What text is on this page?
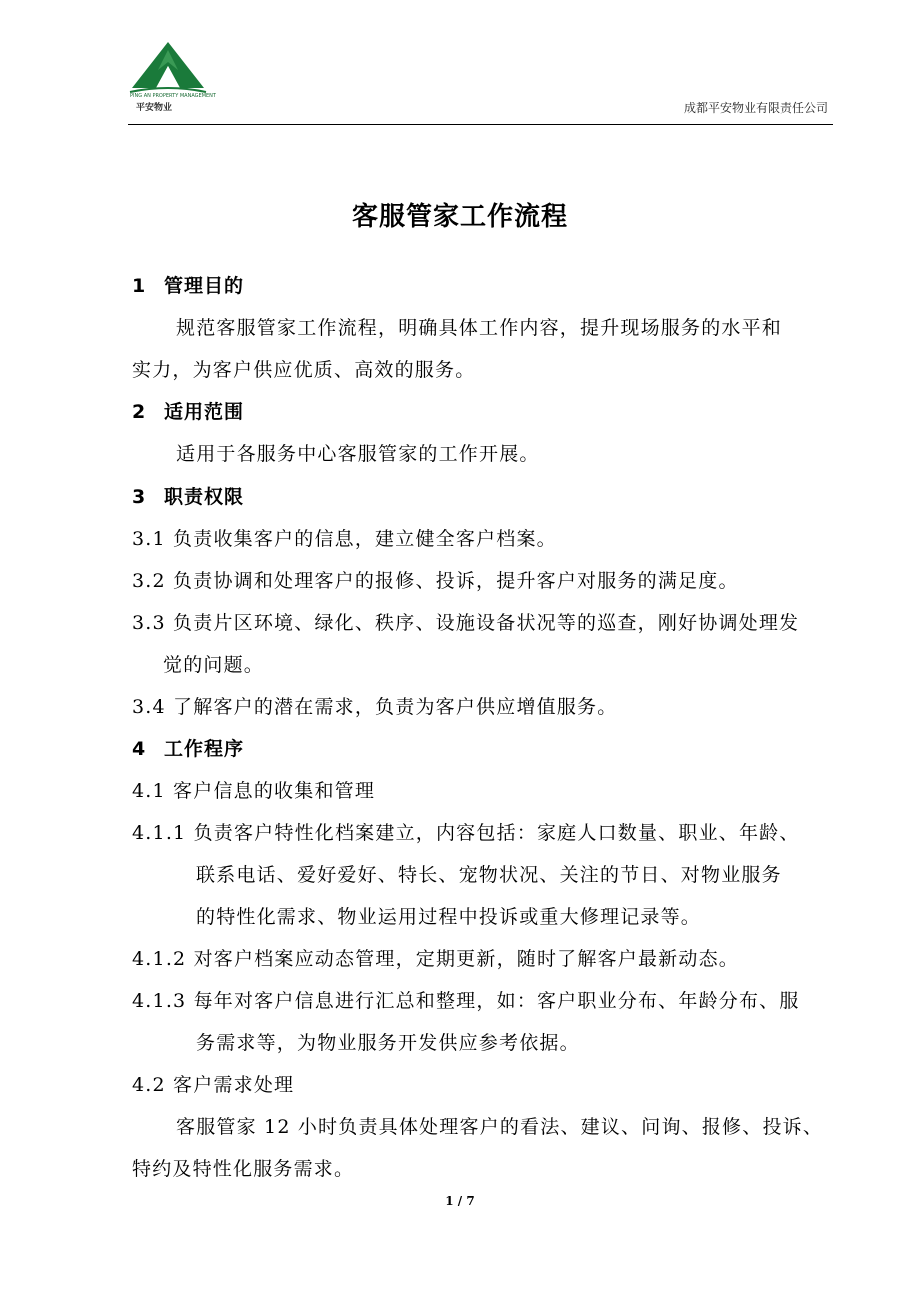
PING AN PROPERTY MANAGEMENT
平安物业	成都平安物业有限责任公司
客服管家工作流程
1 管理目的
规范客服管家工作流程，明确具体工作内容，提升现场服务的水平和
实力，为客户供应优质、高效的服务。
2 适用范围
适用于各服务中心客服管家的工作开展。
3 职责权限
3.1 负责收集客户的信息，建立健全客户档案。
3.2 负责协调和处理客户的报修、投诉，提升客户对服务的满足度。
3.3 负责片区环境、绿化、秩序、设施设备状况等的巡查，刚好协调处理发
觉的问题。
3.4 了解客户的潜在需求，负责为客户供应增值服务。
4 工作程序
4.1 客户信息的收集和管理
4.1.1 负责客户特性化档案建立，内容包括：家庭人口数量、职业、年龄、
联系电话、爱好爱好、特长、宠物状况、关注的节日、对物业服务
的特性化需求、物业运用过程中投诉或重大修理记录等。
4.1.2 对客户档案应动态管理，定期更新，随时了解客户最新动态。
4.1.3 每年对客户信息进行汇总和整理，如：客户职业分布、年龄分布、服
务需求等，为物业服务开发供应参考依据。
4.2 客户需求处理
客服管家 12 小时负责具体处理客户的看法、建议、问询、报修、投诉、
特约及特性化服务需求。
1 / 7
